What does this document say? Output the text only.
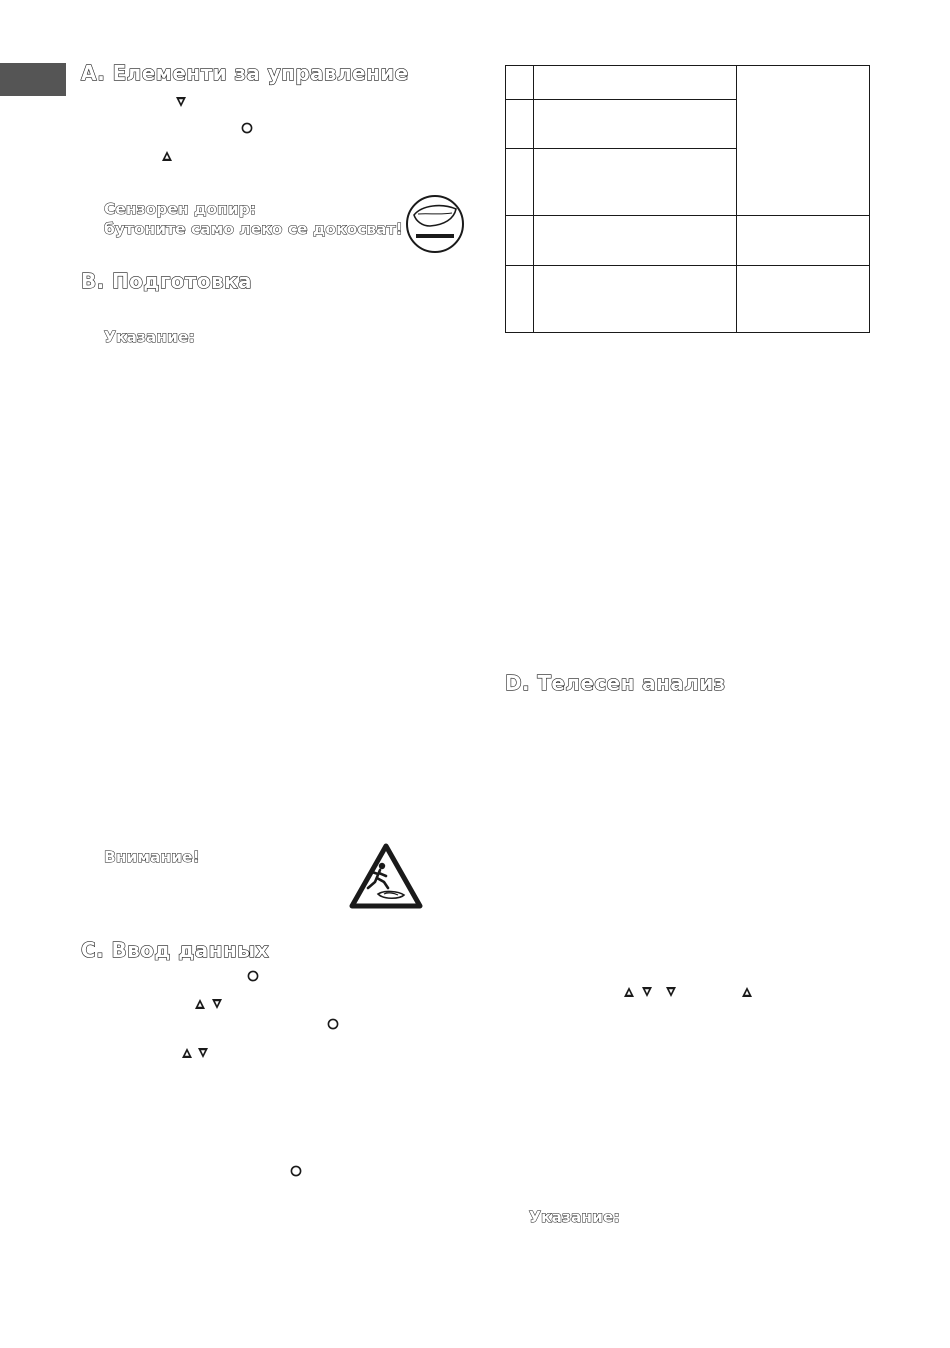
A. Елементи за управление
Сензорен допир:
бутоните само леко се докосват!
B. Подготовка
Указание:
Внимание!
C. Ввод данных

D. Телесен анализ
Указание:
